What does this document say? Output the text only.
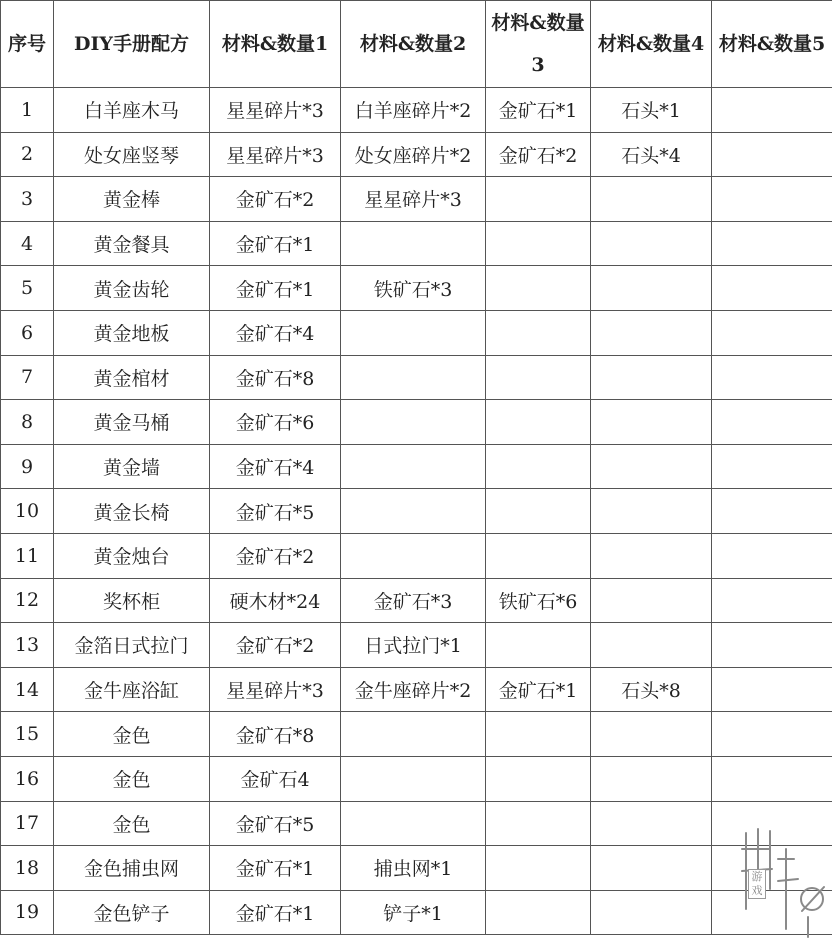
序号	DIY手册配方	材料&数量1	材料&数量2	材料&数量3	材料&数量4	材料&数量5
1	白羊座木马	星星碎片*3	白羊座碎片*2	金矿石*1	石头*1	
2	处女座竖琴	星星碎片*3	处女座碎片*2	金矿石*2	石头*4	
3	黄金棒	金矿石*2	星星碎片*3			
4	黄金餐具	金矿石*1				
5	黄金齿轮	金矿石*1	铁矿石*3			
6	黄金地板	金矿石*4				
7	黄金棺材	金矿石*8				
8	黄金马桶	金矿石*6				
9	黄金墙	金矿石*4				
10	黄金长椅	金矿石*5				
11	黄金烛台	金矿石*2				
12	奖杯柜	硬木材*24	金矿石*3	铁矿石*6		
13	金箔日式拉门	金矿石*2	日式拉门*1			
14	金牛座浴缸	星星碎片*3	金牛座碎片*2	金矿石*1	石头*8	
15	金色	金矿石*8				
16	金色	金矿石4				
17	金色	金矿石*5				
18	金色捕虫网	金矿石*1	捕虫网*1			
19	金色铲子	金矿石*1	铲子*1			
游戏
